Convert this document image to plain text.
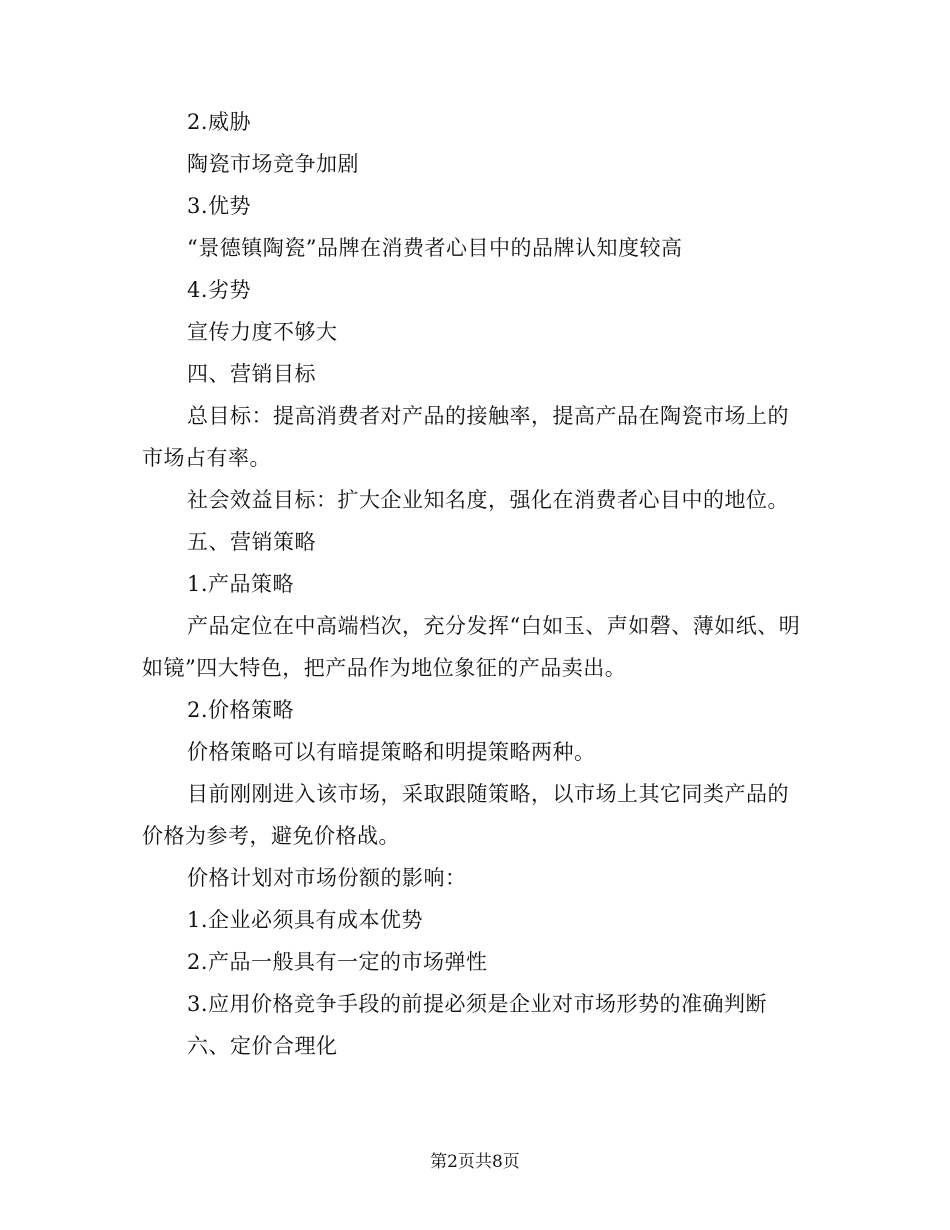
2.威胁

陶瓷市场竞争加剧

3.优势

“景德镇陶瓷”品牌在消费者心目中的品牌认知度较高

4.劣势

宣传力度不够大

四、营销目标

总目标：提高消费者对产品的接触率，提高产品在陶瓷市场上的市场占有率。

社会效益目标：扩大企业知名度，强化在消费者心目中的地位。

五、营销策略

1.产品策略

产品定位在中高端档次，充分发挥“白如玉、声如磬、薄如纸、明如镜”四大特色，把产品作为地位象征的产品卖出。

2.价格策略

价格策略可以有暗提策略和明提策略两种。

目前刚刚进入该市场，采取跟随策略，以市场上其它同类产品的价格为参考，避免价格战。

价格计划对市场份额的影响：

1.企业必须具有成本优势

2.产品一般具有一定的市场弹性

3.应用价格竞争手段的前提必须是企业对市场形势的准确判断

六、定价合理化

第2页共8页
